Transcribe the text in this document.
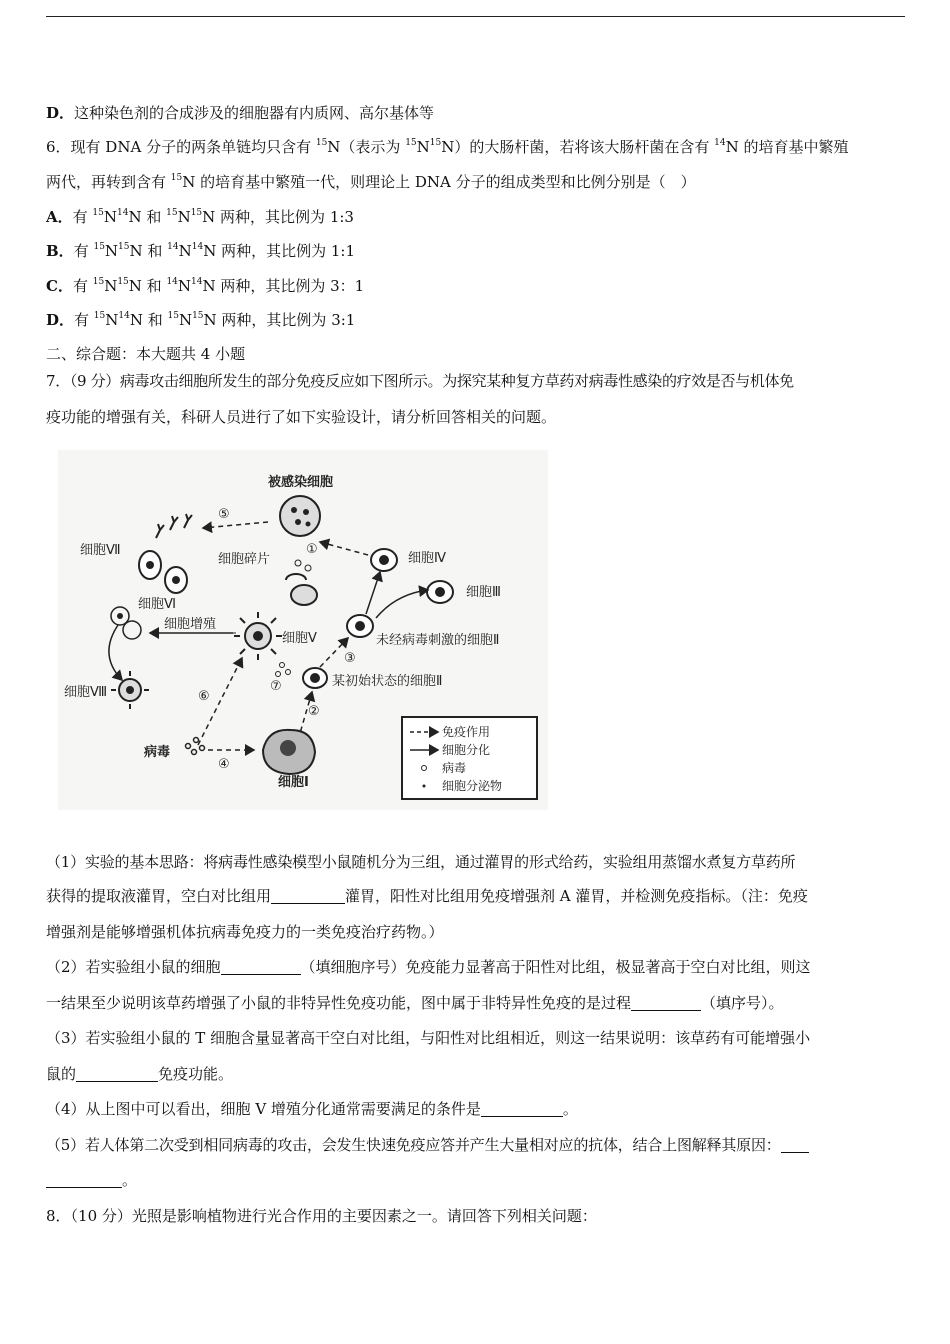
D．这种染色剂的合成涉及的细胞器有内质网、高尔基体等
6．现有 DNA 分子的两条单链均只含有 $^{15}$N（表示为 $^{15}N^{15}N$）的大肠杆菌，若将该大肠杆菌在含有 $^{14}$N 的培育基中繁殖
两代，再转到含有 $^{15}$N 的培育基中繁殖一代，则理论上 DNA 分子的组成类型和比例分别是（　）
A．有 $^{15}N^{14}N$ 和 $^{15}N^{15}N$ 两种，其比例为 1:3
B．有 $^{15}N^{15}N$ 和 $^{14}N^{14}N$ 两种，其比例为 1:1
C．有 $^{15}N^{15}N$ 和 $^{14}N^{14}N$ 两种，其比例为 3：1
D．有 $^{15}N^{14}N$ 和 $^{15}N^{15}N$ 两种，其比例为 3:1
二、综合题：本大题共 4 小题
7．（9 分）病毒攻击细胞所发生的部分免疫反应如下图所示。为探究某种复方草药对病毒性感染的疗效是否与机体免
疫功能的增强有关，科研人员进行了如下实验设计，请分析回答相关的问题。
被感染细胞
细胞Ⅶ
⑤
细胞碎片
①
细胞Ⅳ
细胞Ⅲ
细胞Ⅵ
细胞增殖
细胞Ⅴ	未经病毒刺激的细胞Ⅱ
细胞Ⅷ
某初始状态的细胞Ⅱ
③
⑦
②
⑥
病毒
④
细胞Ⅰ
免疫作用
细胞分化
病毒
细胞分泌物
（1）实验的基本思路：将病毒性感染模型小鼠随机分为三组，通过灌胃的形式给药，实验组用蒸馏水煮复方草药所
获得的提取液灌胃，空白对比组用	灌胃，阳性对比组用免疫增强剂 A 灌胃，并检测免疫指标。（注：免疫
增强剂是能够增强机体抗病毒免疫力的一类免疫治疗药物。）
（2）若实验组小鼠的细胞	（填细胞序号）免疫能力显著高于阳性对比组，极显著高于空白对比组，则这
一结果至少说明该草药增强了小鼠的非特异性免疫功能，图中属于非特异性免疫的是过程	（填序号）。
（3）若实验组小鼠的 T 细胞含量显著高干空白对比组，与阳性对比组相近，则这一结果说明：该草药有可能增强小
鼠的	免疫功能。
（4）从上图中可以看出，细胞 V 增殖分化通常需要满足的条件是	。
（5）若人体第二次受到相同病毒的攻击，会发生快速免疫应答并产生大量相对应的抗体，结合上图解释其原因：
。
8．（10 分）光照是影响植物进行光合作用的主要因素之一。请回答下列相关问题：
